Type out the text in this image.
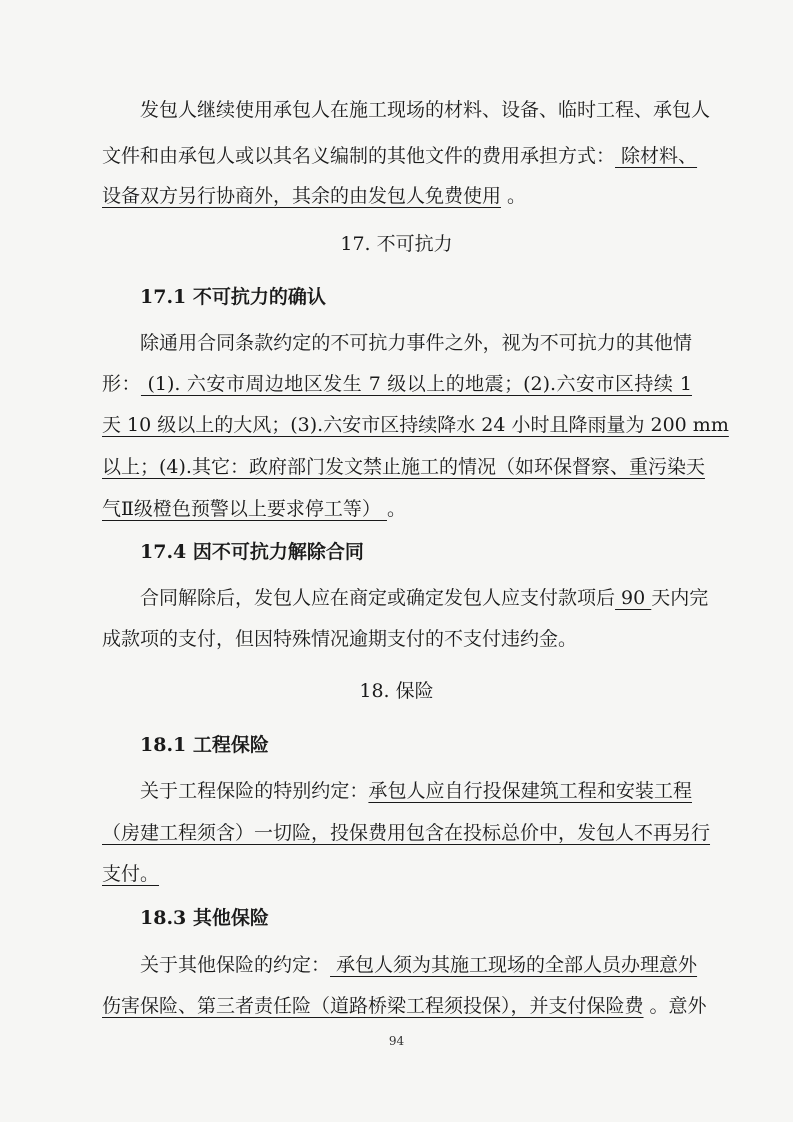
发包人继续使用承包人在施工现场的材料、设备、临时工程、承包人
文件和由承包人或以其名义编制的其他文件的费用承担方式： 除材料、
设备双方另行协商外，其余的由发包人免费使用 。
17. 不可抗力
17.1 不可抗力的确认
除通用合同条款约定的不可抗力事件之外，视为不可抗力的其他情
形： (1). 六安市周边地区发生 7 级以上的地震；(2).六安市区持续 1
天 10 级以上的大风；(3).六安市区持续降水 24 小时且降雨量为 200 mm
以上；(4).其它：政府部门发文禁止施工的情况（如环保督察、重污染天
气Ⅱ级橙色预警以上要求停工等） 。
17.4 因不可抗力解除合同
合同解除后，发包人应在商定或确定发包人应支付款项后 90 天内完
成款项的支付，但因特殊情况逾期支付的不支付违约金。
18. 保险
18.1 工程保险
关于工程保险的特别约定：承包人应自行投保建筑工程和安装工程
（房建工程须含）一切险，投保费用包含在投标总价中，发包人不再另行
支付。
18.3 其他保险
关于其他保险的约定： 承包人须为其施工现场的全部人员办理意外
伤害保险、第三者责任险（道路桥梁工程须投保），并支付保险费 。意外
94
